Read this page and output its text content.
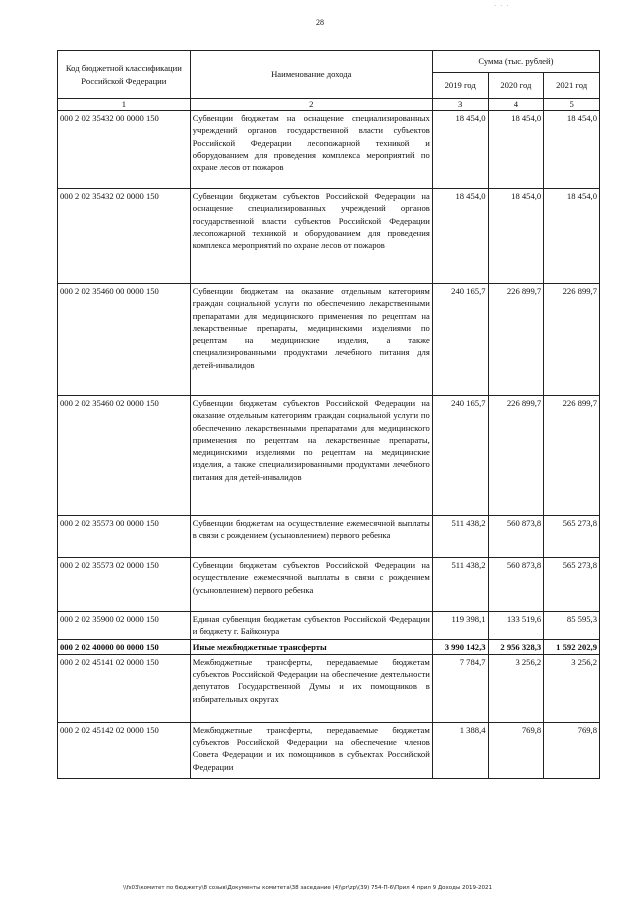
· · ·
28
Код бюджетной классификации Российской Федерации	Наименование дохода	Сумма (тыс. рублей)		
		2019 год	2020 год	2021 год
1	2	3	4	5
000 2 02 35432 00 0000 150	Субвенции бюджетам на оснащение специализированных учреждений органов государственной власти субъектов Российской Федерации лесопожарной техникой и оборудованием для проведения комплекса мероприятий по охране лесов от пожаров	18 454,0	18 454,0	18 454,0
000 2 02 35432 02 0000 150	Субвенции бюджетам субъектов Российской Федерации на оснащение специализированных учреждений органов государственной власти субъектов Российской Федерации лесопожарной техникой и оборудованием для проведения комплекса мероприятий по охране лесов от пожаров	18 454,0	18 454,0	18 454,0
000 2 02 35460 00 0000 150	Субвенции бюджетам на оказание отдельным категориям граждан социальной услуги по обеспечению лекарственными препаратами для медицинского применения по рецептам на лекарственные препараты, медицинскими изделиями по рецептам на медицинские изделия, а также специализированными продуктами лечебного питания для детей-инвалидов	240 165,7	226 899,7	226 899,7
000 2 02 35460 02 0000 150	Субвенции бюджетам субъектов Российской Федерации на оказание отдельным категориям граждан социальной услуги по обеспечению лекарственными препаратами для медицинского применения по рецептам на лекарственные препараты, медицинскими изделиями по рецептам на медицинские изделия, а также специализированными продуктами лечебного питания для детей-инвалидов	240 165,7	226 899,7	226 899,7
000 2 02 35573 00 0000 150	Субвенции бюджетам на осуществление ежемесячной выплаты в связи с рождением (усыновлением) первого ребенка	511 438,2	560 873,8	565 273,8
000 2 02 35573 02 0000 150	Субвенции бюджетам субъектов Российской Федерации на осуществление ежемесячной выплаты в связи с рождением (усыновлением) первого ребенка	511 438,2	560 873,8	565 273,8
000 2 02 35900 02 0000 150	Единая субвенция бюджетам субъектов Российской Федерации и бюджету г. Байконура	119 398,1	133 519,6	85 595,3
000 2 02 40000 00 0000 150	Иные межбюджетные трансферты	3 990 142,3	2 956 328,3	1 592 202,9
000 2 02 45141 02 0000 150	Межбюджетные трансферты, передаваемые бюджетам субъектов Российской Федерации на обеспечение деятельности депутатов Государственной Думы и их помощников в избирательных округах	7 784,7	3 256,2	3 256,2
000 2 02 45142 02 0000 150	Межбюджетные трансферты, передаваемые бюджетам субъектов Российской Федерации на обеспечение членов Совета Федерации и их помощников в субъектах Российской Федерации	1 388,4	769,8	769,8
\\fs03\комитет по бюджету\8 созыв\Документы комитета\38 заседание (4)\pr\zp\(39) 754-П-6\Прил 4 прил 9 Доходы 2019-2021
